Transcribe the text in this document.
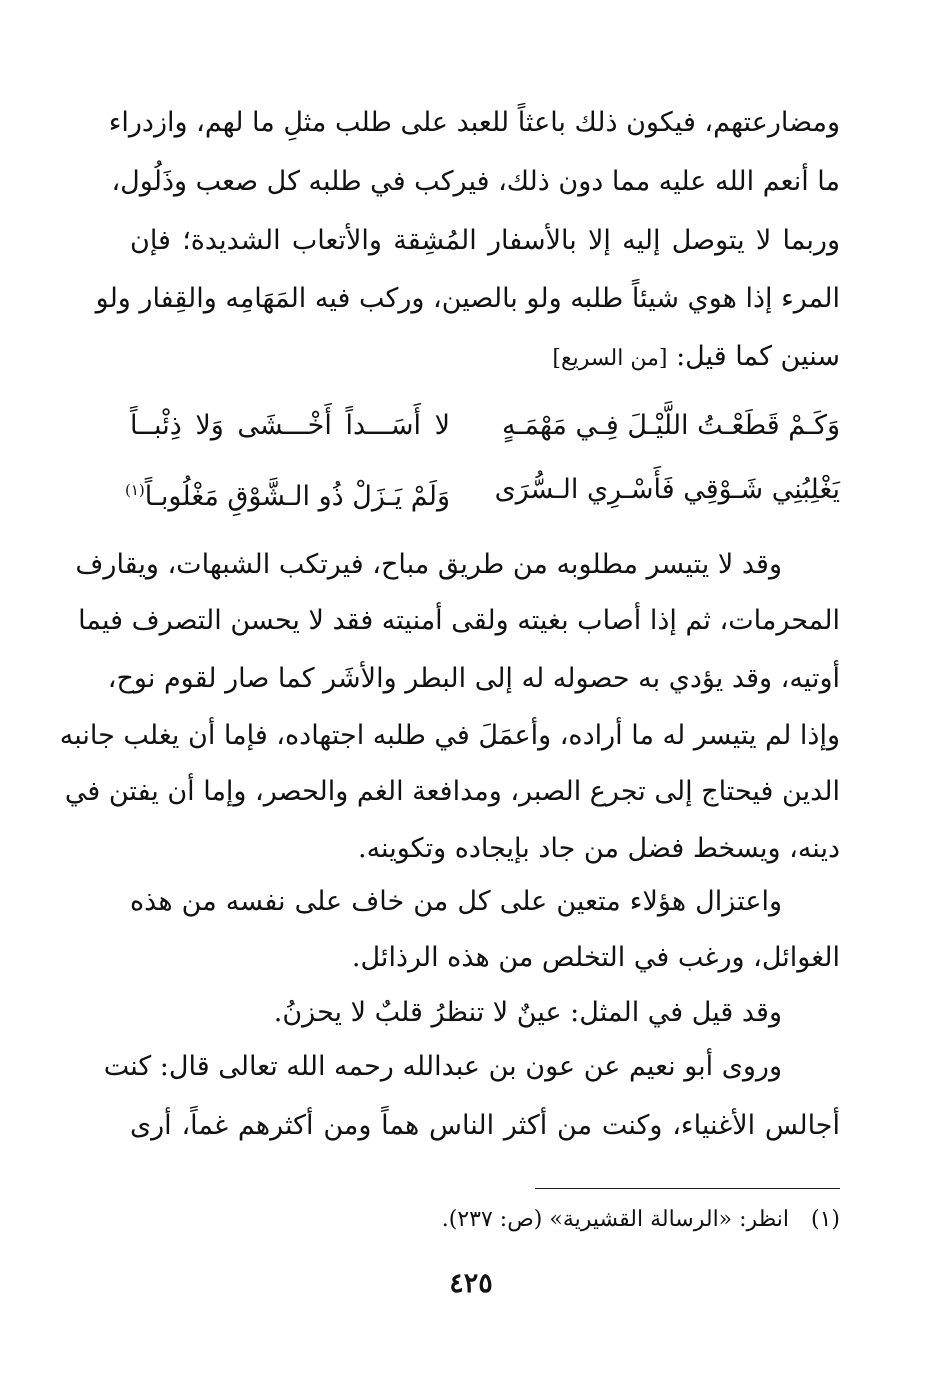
ومضارعتهم، فيكون ذلك باعثاً للعبد على طلب مثلِ ما لهم، وازدراء
ما أنعم الله عليه مما دون ذلك، فيركب في طلبه كل صعب وذَلُول،
وربما لا يتوصل إليه إلا بالأسفار المُشِقة والأتعاب الشديدة؛ فإن
المرء إذا هوي شيئاً طلبه ولو بالصين، وركب فيه المَهَامِه والقِفار ولو
سنين كما قيل: [من السريع]
وَكَـمْ قَطَعْـتُ اللَّيْـلَ فِـي مَهْمَـهٍ
لا أَسَـــداً أَخْـــشَى وَلا ذِئْبــاً
يَغْلِبُنِي شَـوْقِي فَأَسْـرِي الـسُّرَى
وَلَمْ يَـزَلْ ذُو الـشَّوْقِ مَغْلُوبـاً$^{(١)}$
وقد لا يتيسر مطلوبه من طريق مباح، فيرتكب الشبهات، ويقارف
المحرمات، ثم إذا أصاب بغيته ولقى أمنيته فقد لا يحسن التصرف فيما
أوتيه، وقد يؤدي به حصوله له إلى البطر والأشَر كما صار لقوم نوح،
وإذا لم يتيسر له ما أراده، وأعمَلَ في طلبه اجتهاده، فإما أن يغلب جانبه
الدين فيحتاج إلى تجرع الصبر، ومدافعة الغم والحصر، وإما أن يفتن في
دينه، ويسخط فضل من جاد بإيجاده وتكوينه.
واعتزال هؤلاء متعين على كل من خاف على نفسه من هذه
الغوائل، ورغب في التخلص من هذه الرذائل.
وقد قيل في المثل: عينٌ لا تنظرُ قلبٌ لا يحزنُ.
وروى أبو نعيم عن عون بن عبدالله رحمه الله تعالى قال: كنت
أجالس الأغنياء، وكنت من أكثر الناس هماً ومن أكثرهم غماً، أرى
(١)انظر: «الرسالة القشيرية» (ص: ٢٣٧).
٤٢٥
